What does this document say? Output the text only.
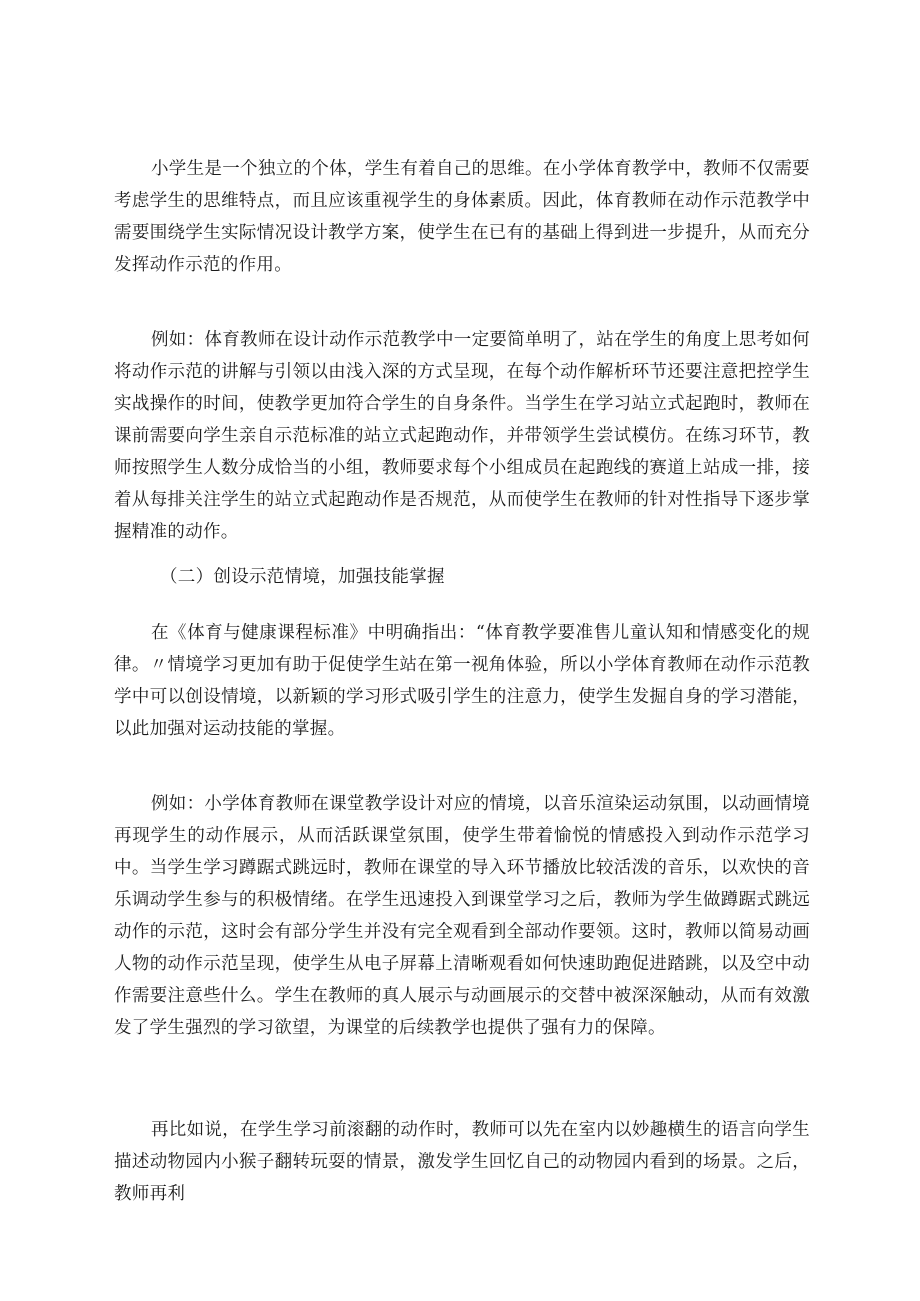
小学生是一个独立的个体，学生有着自己的思维。在小学体育教学中，教师不仅需要考虑学生的思维特点，而且应该重视学生的身体素质。因此，体育教师在动作示范教学中需要围绕学生实际情况设计教学方案，使学生在已有的基础上得到进一步提升，从而充分发挥动作示范的作用。

例如：体育教师在设计动作示范教学中一定要简单明了，站在学生的角度上思考如何将动作示范的讲解与引领以由浅入深的方式呈现，在每个动作解析环节还要注意把控学生实战操作的时间，使教学更加符合学生的自身条件。当学生在学习站立式起跑时，教师在课前需要向学生亲自示范标准的站立式起跑动作，并带领学生尝试模仿。在练习环节，教师按照学生人数分成恰当的小组，教师要求每个小组成员在起跑线的赛道上站成一排，接着从每排关注学生的站立式起跑动作是否规范，从而使学生在教师的针对性指导下逐步掌握精准的动作。

（二）创设示范情境，加强技能掌握

在《体育与健康课程标准》中明确指出：“体育教学要准售儿童认知和情感变化的规律。〃情境学习更加有助于促使学生站在第一视角体验，所以小学体育教师在动作示范教学中可以创设情境，以新颖的学习形式吸引学生的注意力，使学生发掘自身的学习潜能，以此加强对运动技能的掌握。

例如：小学体育教师在课堂教学设计对应的情境，以音乐渲染运动氛围，以动画情境再现学生的动作展示，从而活跃课堂氛围，使学生带着愉悦的情感投入到动作示范学习中。当学生学习蹲踞式跳远时，教师在课堂的导入环节播放比较活泼的音乐，以欢快的音乐调动学生参与的积极情绪。在学生迅速投入到课堂学习之后，教师为学生做蹲踞式跳远动作的示范，这时会有部分学生并没有完全观看到全部动作要领。这时，教师以简易动画人物的动作示范呈现，使学生从电子屏幕上清晰观看如何快速助跑促进踏跳，以及空中动作需要注意些什么。学生在教师的真人展示与动画展示的交替中被深深触动，从而有效激发了学生强烈的学习欲望，为课堂的后续教学也提供了强有力的保障。

再比如说，在学生学习前滚翻的动作时，教师可以先在室内以妙趣横生的语言向学生描述动物园内小猴子翻转玩耍的情景，激发学生回忆自己的动物园内看到的场景。之后，教师再利
